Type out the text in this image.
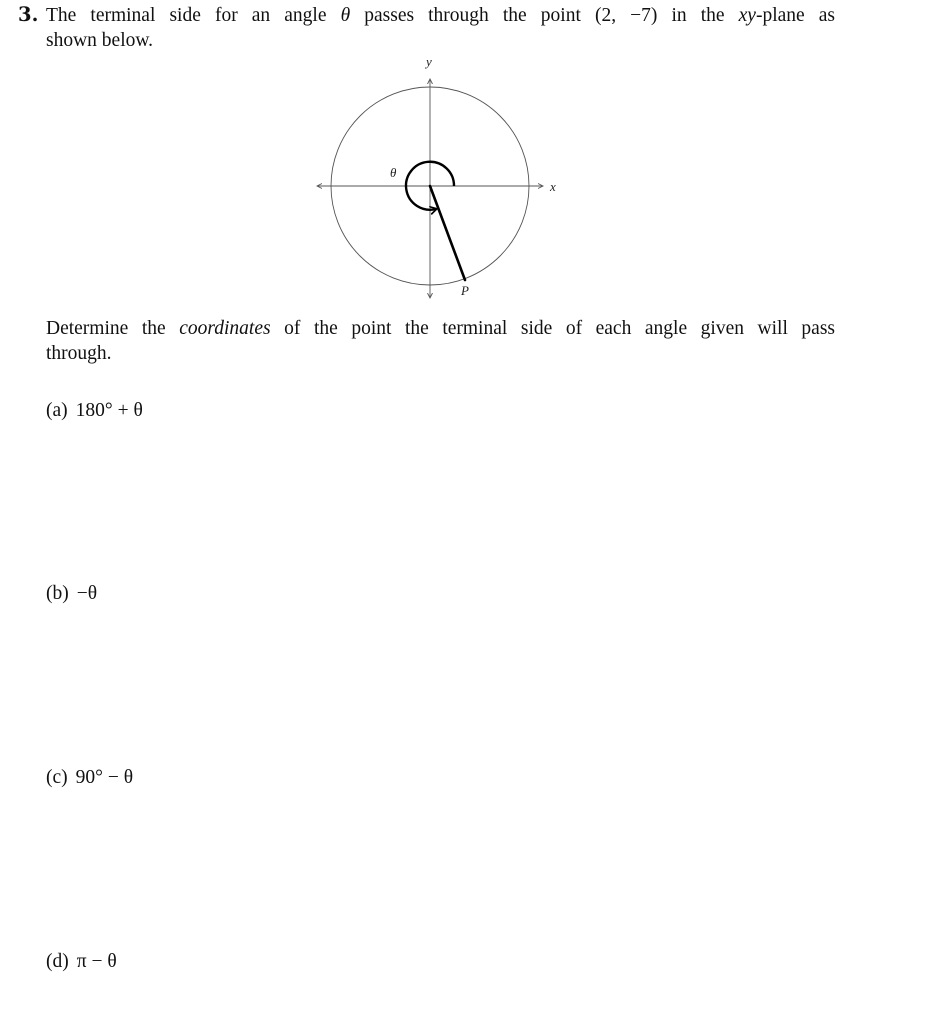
3. The terminal side for an angle θ passes through the point (2, −7) in the xy-plane as
shown below.
y
x
θ
P
Determine the coordinates of the point the terminal side of each angle given will pass
through.
(a) 180° + θ
(b) −θ
(c) 90° − θ
(d) π − θ
